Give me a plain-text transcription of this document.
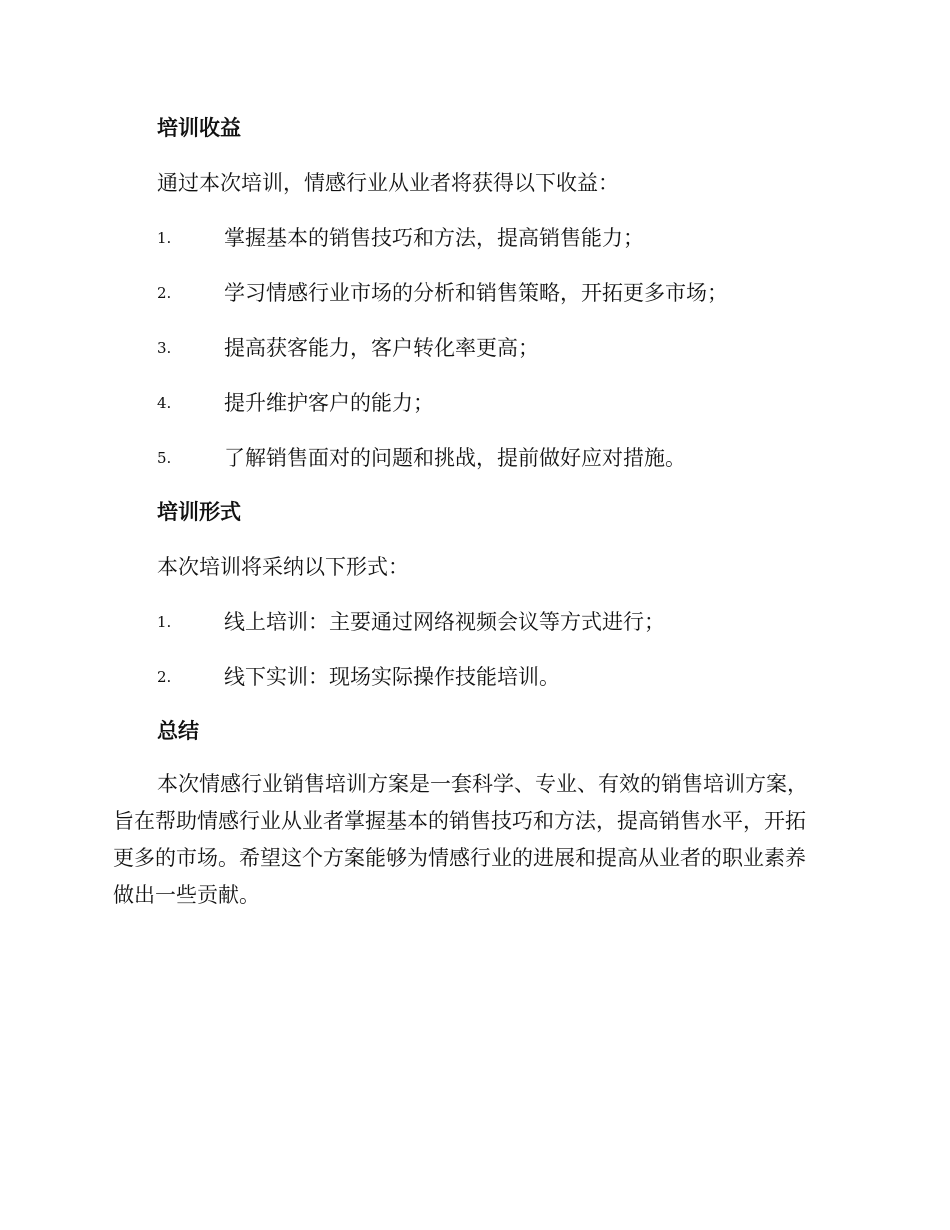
培训收益
通过本次培训，情感行业从业者将获得以下收益：
1.	掌握基本的销售技巧和方法，提高销售能力；
2.	学习情感行业市场的分析和销售策略，开拓更多市场；
3.	提高获客能力，客户转化率更高；
4.	提升维护客户的能力；
5.	了解销售面对的问题和挑战，提前做好应对措施。
培训形式
本次培训将采纳以下形式：
1.	线上培训：主要通过网络视频会议等方式进行；
2.	线下实训：现场实际操作技能培训。
总结
本次情感行业销售培训方案是一套科学、专业、有效的销售培训方案，
旨在帮助情感行业从业者掌握基本的销售技巧和方法，提高销售水平，开拓
更多的市场。希望这个方案能够为情感行业的进展和提高从业者的职业素养
做出一些贡献。
